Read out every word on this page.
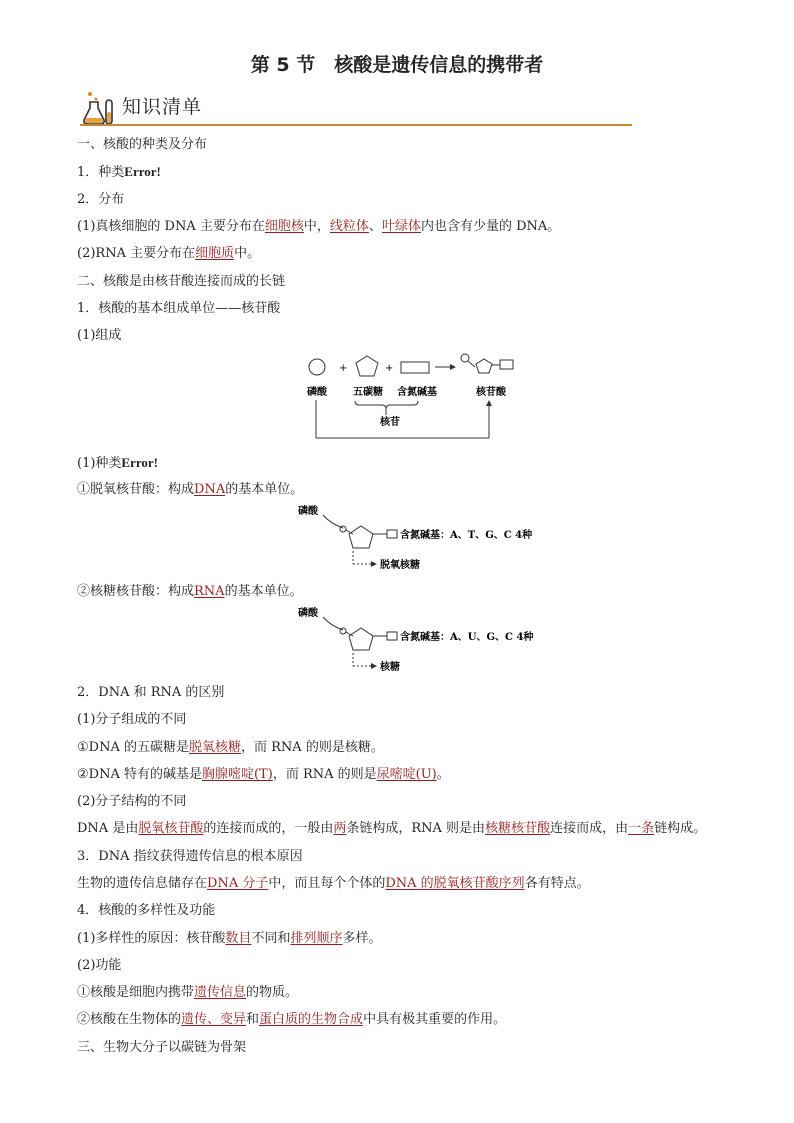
第 5 节　核酸是遗传信息的携带者
知识清单
一、核酸的种类及分布
1．种类Error!
2．分布
(1)真核细胞的 DNA 主要分布在细胞核中，线粒体、叶绿体内也含有少量的 DNA。
(2)RNA 主要分布在细胞质中。
二、核酸是由核苷酸连接而成的长链
1．核酸的基本组成单位——核苷酸
(1)组成
+	+
磷酸	五碳糖 含氮碱基	核苷酸
核苷
(1)种类Error!
①脱氧核苷酸：构成DNA的基本单位。
磷酸
含氮碱基：A、T、G、C 4种
脱氧核糖
②核糖核苷酸：构成RNA的基本单位。
磷酸
含氮碱基：A、U、G、C 4种
核糖
2．DNA 和 RNA 的区别
(1)分子组成的不同
①DNA 的五碳糖是脱氧核糖，而 RNA 的则是核糖。
②DNA 特有的碱基是胸腺嘧啶(T)，而 RNA 的则是尿嘧啶(U)。
(2)分子结构的不同
DNA 是由脱氧核苷酸的连接而成的，一般由两条链构成，RNA 则是由核糖核苷酸连接而成，由一条链构成。
3．DNA 指纹获得遗传信息的根本原因
生物的遗传信息储存在DNA 分子中，而且每个个体的DNA 的脱氧核苷酸序列各有特点。
4．核酸的多样性及功能
(1)多样性的原因：核苷酸数目不同和排列顺序多样。
(2)功能
①核酸是细胞内携带遗传信息的物质。
②核酸在生物体的遗传、变异和蛋白质的生物合成中具有极其重要的作用。
三、生物大分子以碳链为骨架
